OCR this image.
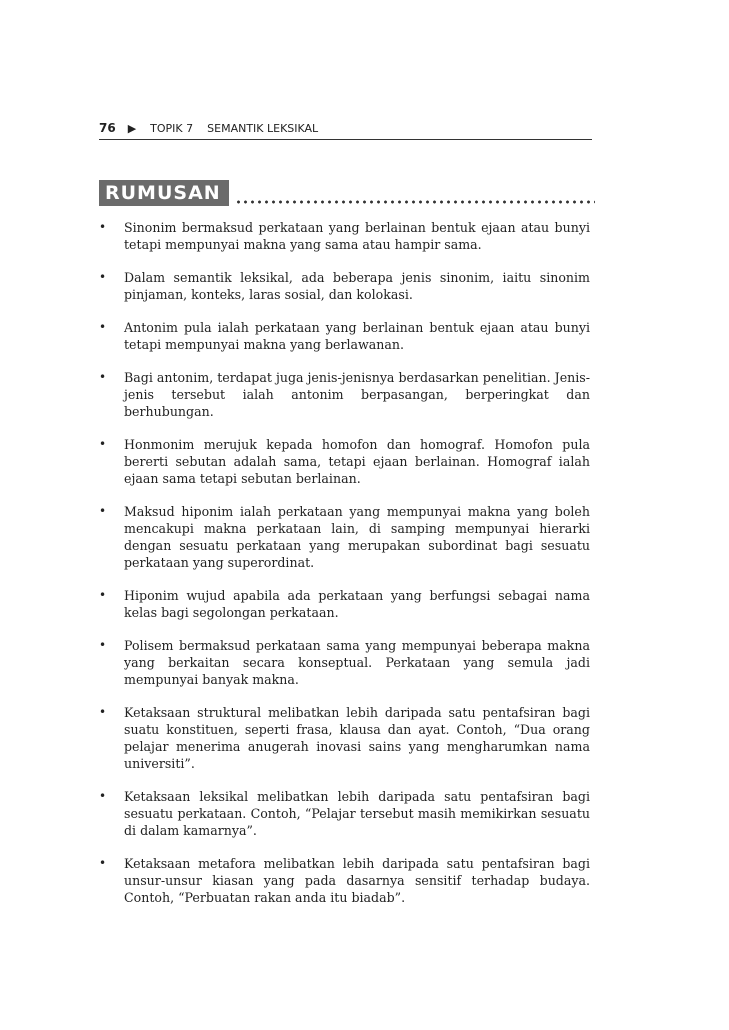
76 ▶ TOPIK 7 SEMANTIK LEKSIKAL
RUMUSAN
• Sinonim bermaksud perkataan yang berlainan bentuk ejaan atau bunyi tetapi mempunyai makna yang sama atau hampir sama.
• Dalam semantik leksikal, ada beberapa jenis sinonim, iaitu sinonim pinjaman, konteks, laras sosial, dan kolokasi.
• Antonim pula ialah perkataan yang berlainan bentuk ejaan atau bunyi tetapi mempunyai makna yang berlawanan.
• Bagi antonim, terdapat juga jenis-jenisnya berdasarkan penelitian. Jenis-jenis tersebut ialah antonim berpasangan, berperingkat dan berhubungan.
• Honmonim merujuk kepada homofon dan homograf. Homofon pula bererti sebutan adalah sama, tetapi ejaan berlainan. Homograf ialah ejaan sama tetapi sebutan berlainan.
• Maksud hiponim ialah perkataan yang mempunyai makna yang boleh mencakupi makna perkataan lain, di samping mempunyai hierarki dengan sesuatu perkataan yang merupakan subordinat bagi sesuatu perkataan yang superordinat.
• Hiponim wujud apabila ada perkataan yang berfungsi sebagai nama kelas bagi segolongan perkataan.
• Polisem bermaksud perkataan sama yang mempunyai beberapa makna yang berkaitan secara konseptual. Perkataan yang semula jadi mempunyai banyak makna.
• Ketaksaan struktural melibatkan lebih daripada satu pentafsiran bagi suatu konstituen, seperti frasa, klausa dan ayat. Contoh, “Dua orang pelajar menerima anugerah inovasi sains yang mengharumkan nama universiti”.
• Ketaksaan leksikal melibatkan lebih daripada satu pentafsiran bagi sesuatu perkataan. Contoh, “Pelajar tersebut masih memikirkan sesuatu di dalam kamarnya”.
• Ketaksaan metafora melibatkan lebih daripada satu pentafsiran bagi unsur-unsur kiasan yang pada dasarnya sensitif terhadap budaya. Contoh, “Perbuatan rakan anda itu biadab”.
